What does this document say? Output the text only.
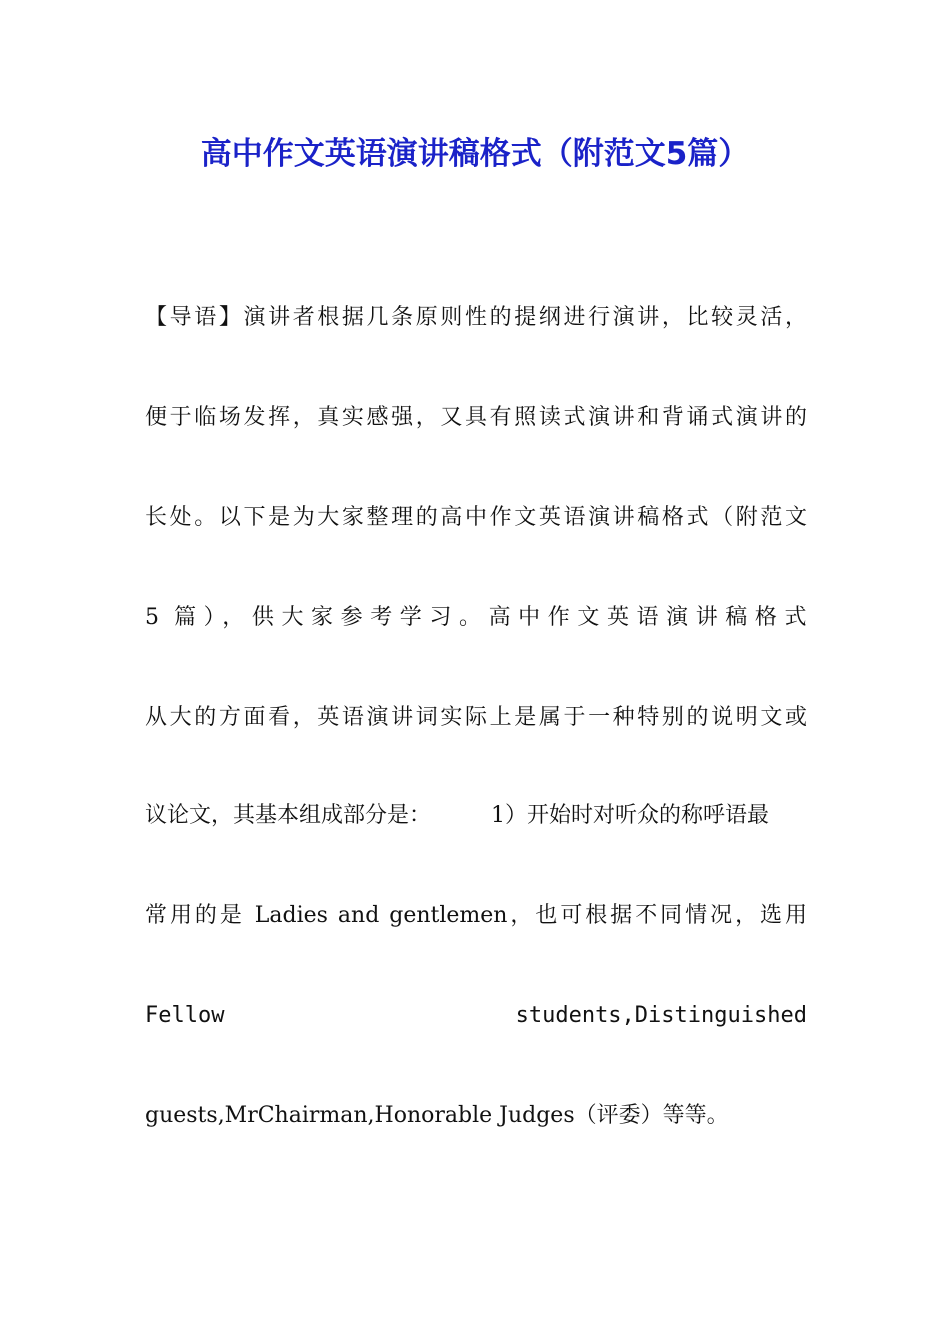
高中作文英语演讲稿格式（附范文5篇）
【导语】演讲者根据几条原则性的提纲进行演讲，比较灵活，
便于临场发挥，真实感强，又具有照读式演讲和背诵式演讲的
长处。以下是为大家整理的高中作文英语演讲稿格式（附范文
5 篇），供大家参考学习。高中作文英语演讲稿格式
从大的方面看，英语演讲词实际上是属于一种特别的说明文或
议论文，其基本组成部分是：	1）开始时对听众的称呼语最
常用的是 Ladies and gentlemen，也可根据不同情况，选用
Fellow	students,Distinguished
guests,MrChairman,Honorable Judges（评委）等等。
